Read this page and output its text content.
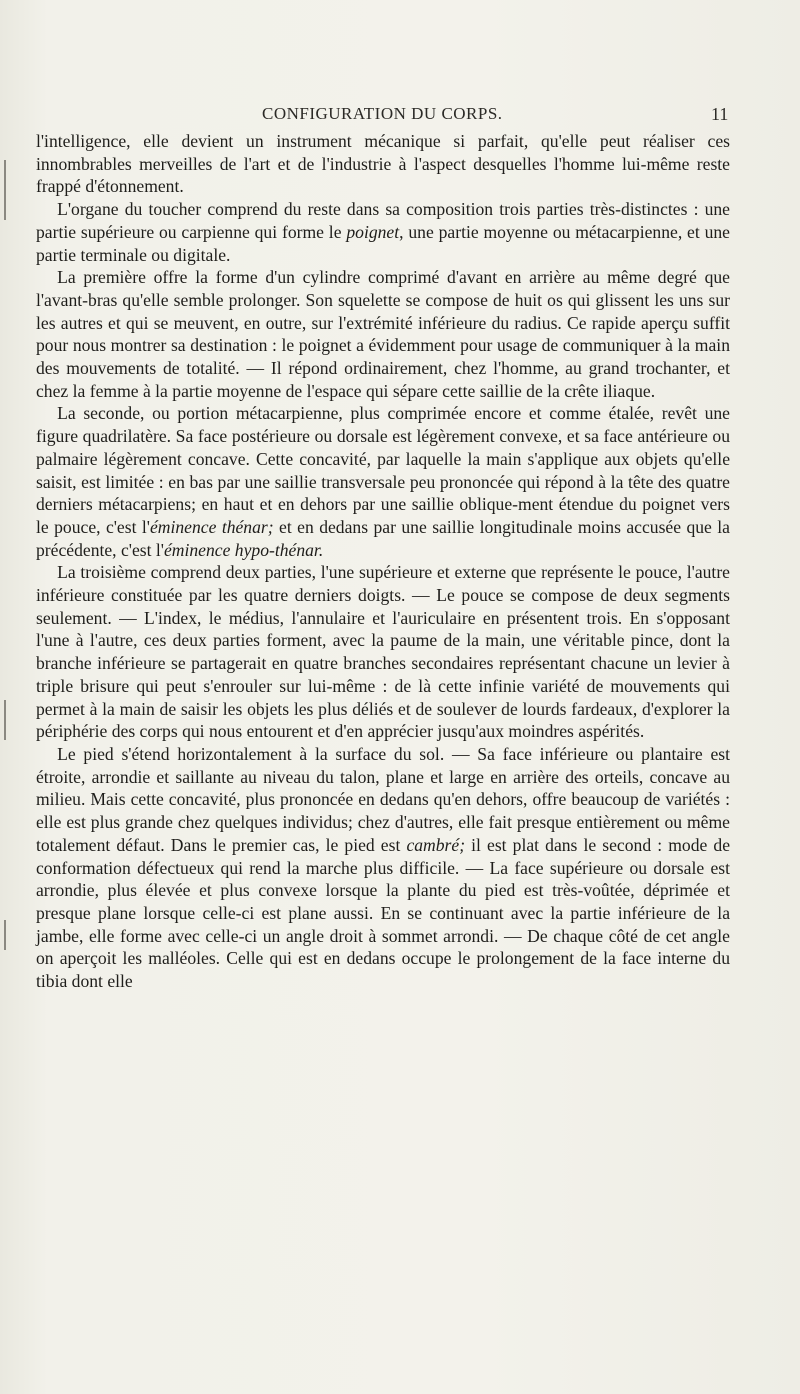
CONFIGURATION DU CORPS.	11

l'intelligence, elle devient un instrument mécanique si parfait, qu'elle peut réaliser ces innombrables merveilles de l'art et de l'industrie à l'aspect desquelles l'homme lui-même reste frappé d'étonnement.

L'organe du toucher comprend du reste dans sa composition trois parties très-distinctes : une partie supérieure ou carpienne qui forme le poignet, une partie moyenne ou métacarpienne, et une partie terminale ou digitale.

La première offre la forme d'un cylindre comprimé d'avant en arrière au même degré que l'avant-bras qu'elle semble prolonger. Son squelette se compose de huit os qui glissent les uns sur les autres et qui se meuvent, en outre, sur l'extrémité inférieure du radius. Ce rapide aperçu suffit pour nous montrer sa destination : le poignet a évidemment pour usage de communiquer à la main des mouvements de totalité. — Il répond ordinairement, chez l'homme, au grand trochanter, et chez la femme à la partie moyenne de l'espace qui sépare cette saillie de la crête iliaque.

La seconde, ou portion métacarpienne, plus comprimée encore et comme étalée, revêt une figure quadrilatère. Sa face postérieure ou dorsale est légèrement convexe, et sa face antérieure ou palmaire légèrement concave. Cette concavité, par laquelle la main s'applique aux objets qu'elle saisit, est limitée : en bas par une saillie transversale peu prononcée qui répond à la tête des quatre derniers métacarpiens; en haut et en dehors par une saillie oblique-ment étendue du poignet vers le pouce, c'est l'éminence thénar; et en dedans par une saillie longitudinale moins accusée que la précédente, c'est l'éminence hypo-thénar.

La troisième comprend deux parties, l'une supérieure et externe que représente le pouce, l'autre inférieure constituée par les quatre derniers doigts. — Le pouce se compose de deux segments seulement. — L'index, le médius, l'annulaire et l'auriculaire en présentent trois. En s'opposant l'une à l'autre, ces deux parties forment, avec la paume de la main, une véritable pince, dont la branche inférieure se partagerait en quatre branches secondaires représentant chacune un levier à triple brisure qui peut s'enrouler sur lui-même : de là cette infinie variété de mouvements qui permet à la main de saisir les objets les plus déliés et de soulever de lourds fardeaux, d'explorer la périphérie des corps qui nous entourent et d'en apprécier jusqu'aux moindres aspérités.

Le pied s'étend horizontalement à la surface du sol. — Sa face inférieure ou plantaire est étroite, arrondie et saillante au niveau du talon, plane et large en arrière des orteils, concave au milieu. Mais cette concavité, plus prononcée en dedans qu'en dehors, offre beaucoup de variétés : elle est plus grande chez quelques individus; chez d'autres, elle fait presque entièrement ou même totalement défaut. Dans le premier cas, le pied est cambré; il est plat dans le second : mode de conformation défectueux qui rend la marche plus difficile. — La face supérieure ou dorsale est arrondie, plus élevée et plus convexe lorsque la plante du pied est très-voûtée, déprimée et presque plane lorsque celle-ci est plane aussi. En se continuant avec la partie inférieure de la jambe, elle forme avec celle-ci un angle droit à sommet arrondi. — De chaque côté de cet angle on aperçoit les malléoles. Celle qui est en dedans occupe le prolongement de la face interne du tibia dont elle
